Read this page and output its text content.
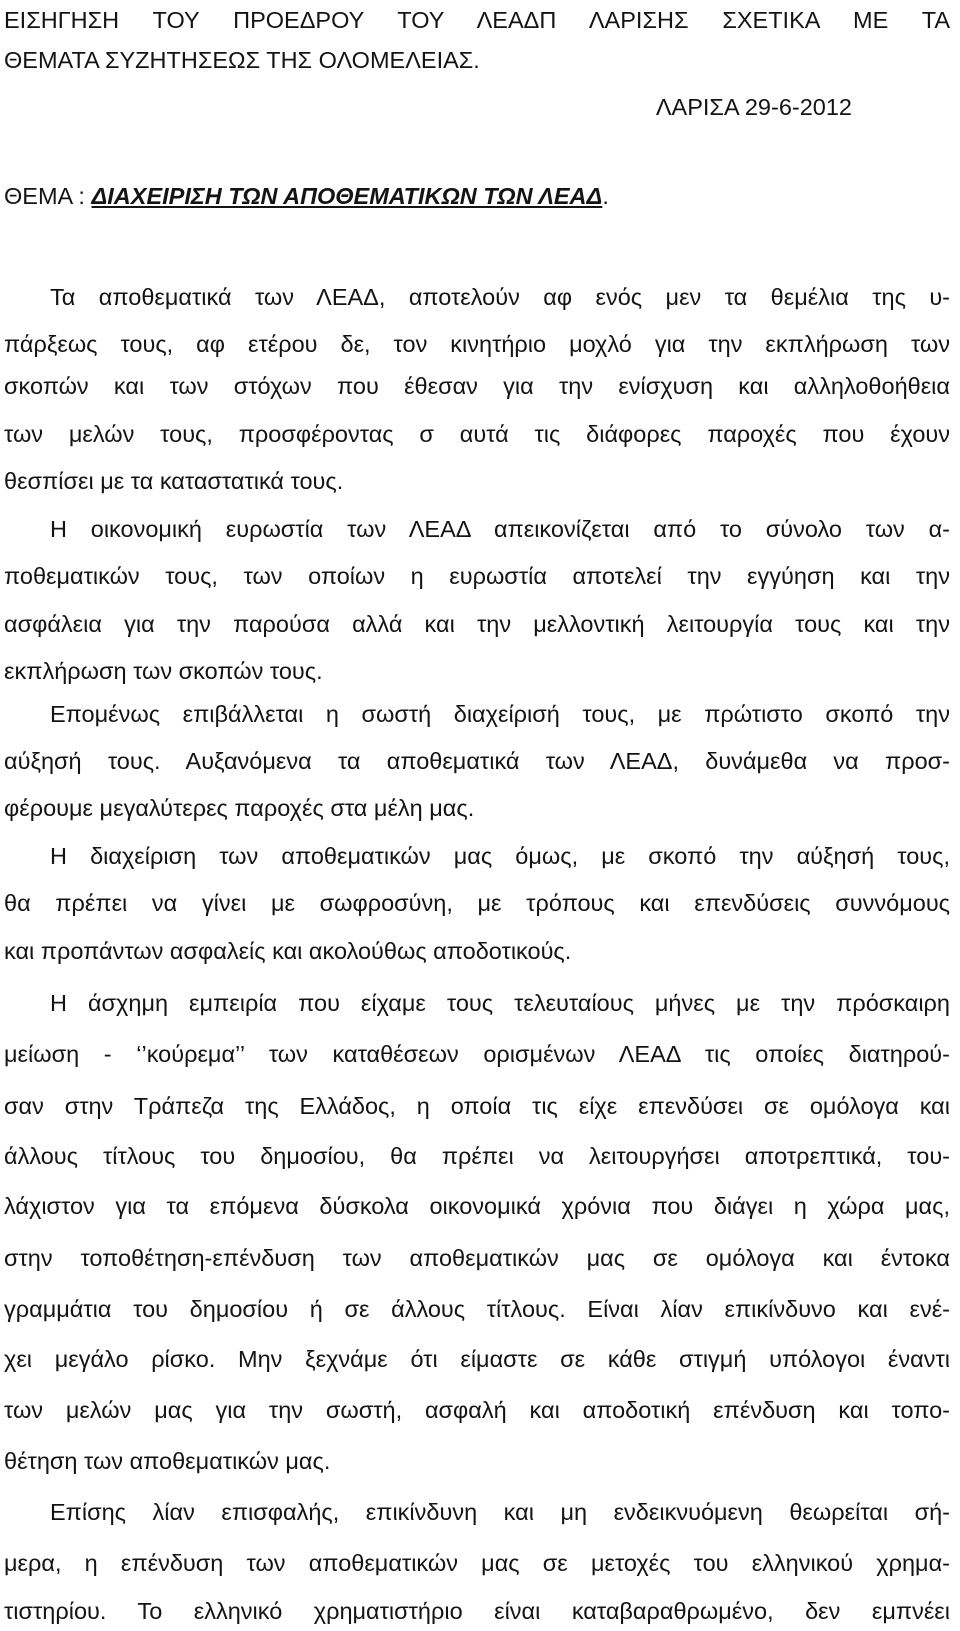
ΕΙΣΗΓΗΣΗ ΤΟΥ ΠΡΟΕΔΡΟΥ ΤΟΥ ΛΕΑΔΠ ΛΑΡΙΣΗΣ ΣΧΕΤΙΚΑ ΜΕ ΤΑ
ΘΕΜΑΤΑ ΣΥΖΗΤΗΣΕΩΣ ΤΗΣ ΟΛΟΜΕΛΕΙΑΣ.
ΛΑΡΙΣΑ 29-6-2012
ΘΕΜΑ : ΔΙΑΧΕΙΡΙΣΗ ΤΩΝ ΑΠΟΘΕΜΑΤΙΚΩΝ ΤΩΝ ΛΕΑΔ.
Τα αποθεματικά των ΛΕΑΔ, αποτελούν αφ ενός μεν τα θεμέλια της υ-
πάρξεως τους, αφ ετέρου δε, τον κινητήριο μοχλό για την εκπλήρωση των
σκοπών και των στόχων που έθεσαν για την ενίσχυση και αλληλοθοήθεια
των μελών τους, προσφέροντας σ αυτά τις διάφορες παροχές που έχουν
θεσπίσει με τα καταστατικά τους.
Η οικονομική ευρωστία των ΛΕΑΔ απεικονίζεται από το σύνολο των α-
ποθεματικών τους, των οποίων η ευρωστία αποτελεί την εγγύηση και την
ασφάλεια για την παρούσα αλλά και την μελλοντική λειτουργία τους και την
εκπλήρωση των σκοπών τους.
Επομένως επιβάλλεται η σωστή διαχείρισή τους, με πρώτιστο σκοπό την
αύξησή τους. Αυξανόμενα τα αποθεματικά των ΛΕΑΔ, δυνάμεθα να προσ-
φέρουμε μεγαλύτερες παροχές στα μέλη μας.
Η διαχείριση των αποθεματικών μας όμως, με σκοπό την αύξησή τους,
θα πρέπει να γίνει με σωφροσύνη, με τρόπους και επενδύσεις συννόμους
και προπάντων ασφαλείς και ακολούθως αποδοτικούς.
Η άσχημη εμπειρία που είχαμε τους τελευταίους μήνες με την πρόσκαιρη
μείωση - ‘’κούρεμα’’ των καταθέσεων ορισμένων ΛΕΑΔ τις οποίες διατηρού-
σαν στην Τράπεζα της Ελλάδος, η οποία τις είχε επενδύσει σε ομόλογα και
άλλους τίτλους του δημοσίου, θα πρέπει να λειτουργήσει αποτρεπτικά, του-
λάχιστον για τα επόμενα δύσκολα οικονομικά χρόνια που διάγει η χώρα μας,
στην τοποθέτηση-επένδυση των αποθεματικών μας σε ομόλογα και έντοκα
γραμμάτια του δημοσίου ή σε άλλους τίτλους. Είναι λίαν επικίνδυνο και ενέ-
χει μεγάλο ρίσκο. Μην ξεχνάμε ότι είμαστε σε κάθε στιγμή υπόλογοι έναντι
των μελών μας για την σωστή, ασφαλή και αποδοτική επένδυση και τοπο-
θέτηση των αποθεματικών μας.
Επίσης λίαν επισφαλής, επικίνδυνη και μη ενδεικνυόμενη θεωρείται σή-
μερα, η επένδυση των αποθεματικών μας σε μετοχές του ελληνικού χρημα-
τιστηρίου. Το ελληνικό χρηματιστήριο είναι καταβαραθρωμένο, δεν εμπνέει
